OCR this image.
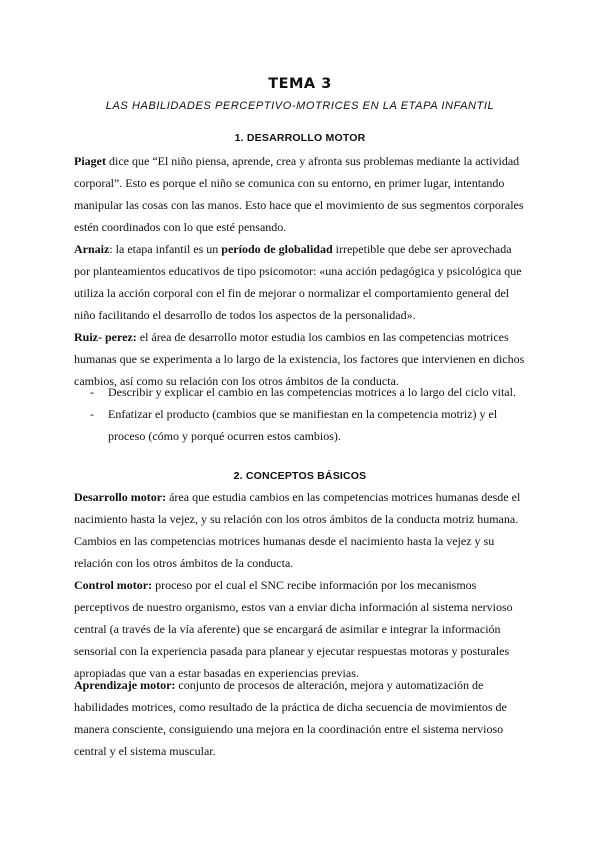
TEMA 3
LAS HABILIDADES PERCEPTIVO-MOTRICES EN LA ETAPA INFANTIL
1. DESARROLLO MOTOR
Piaget dice que “El niño piensa, aprende, crea y afronta sus problemas mediante la actividad corporal”. Esto es porque el niño se comunica con su entorno, en primer lugar, intentando manipular las cosas con las manos. Esto hace que el movimiento de sus segmentos corporales estén coordinados con lo que esté pensando.
Arnaiz: la etapa infantil es un período de globalidad irrepetible que debe ser aprovechada por planteamientos educativos de tipo psicomotor: «una acción pedagógica y psicológica que utiliza la acción corporal con el fin de mejorar o normalizar el comportamiento general del niño facilitando el desarrollo de todos los aspectos de la personalidad».
Ruiz- perez: el área de desarrollo motor estudia los cambios en las competencias motrices humanas que se experimenta a lo largo de la existencia, los factores que intervienen en dichos cambios, así como su relación con los otros ámbitos de la conducta.
-	Describir y explicar el cambio en las competencias motrices a lo largo del ciclo vital.
-	Enfatizar el producto (cambios que se manifiestan en la competencia motriz) y el proceso (cómo y porqué ocurren estos cambios).
2. CONCEPTOS BÁSICOS
Desarrollo motor: área que estudia cambios en las competencias motrices humanas desde el nacimiento hasta la vejez, y su relación con los otros ámbitos de la conducta motriz humana. Cambios en las competencias motrices humanas desde el nacimiento hasta la vejez y su relación con los otros ámbitos de la conducta.
Control motor: proceso por el cual el SNC recibe información por los mecanismos perceptivos de nuestro organismo, estos van a enviar dicha información al sistema nervioso central (a través de la vía aferente) que se encargará de asimilar e integrar la información sensorial con la experiencia pasada para planear y ejecutar respuestas motoras y posturales apropiadas que van a estar basadas en experiencias previas.
Aprendizaje motor: conjunto de procesos de alteración, mejora y automatización de habilidades motrices, como resultado de la práctica de dicha secuencia de movimientos de manera consciente, consiguiendo una mejora en la coordinación entre el sistema nervioso central y el sistema muscular.
